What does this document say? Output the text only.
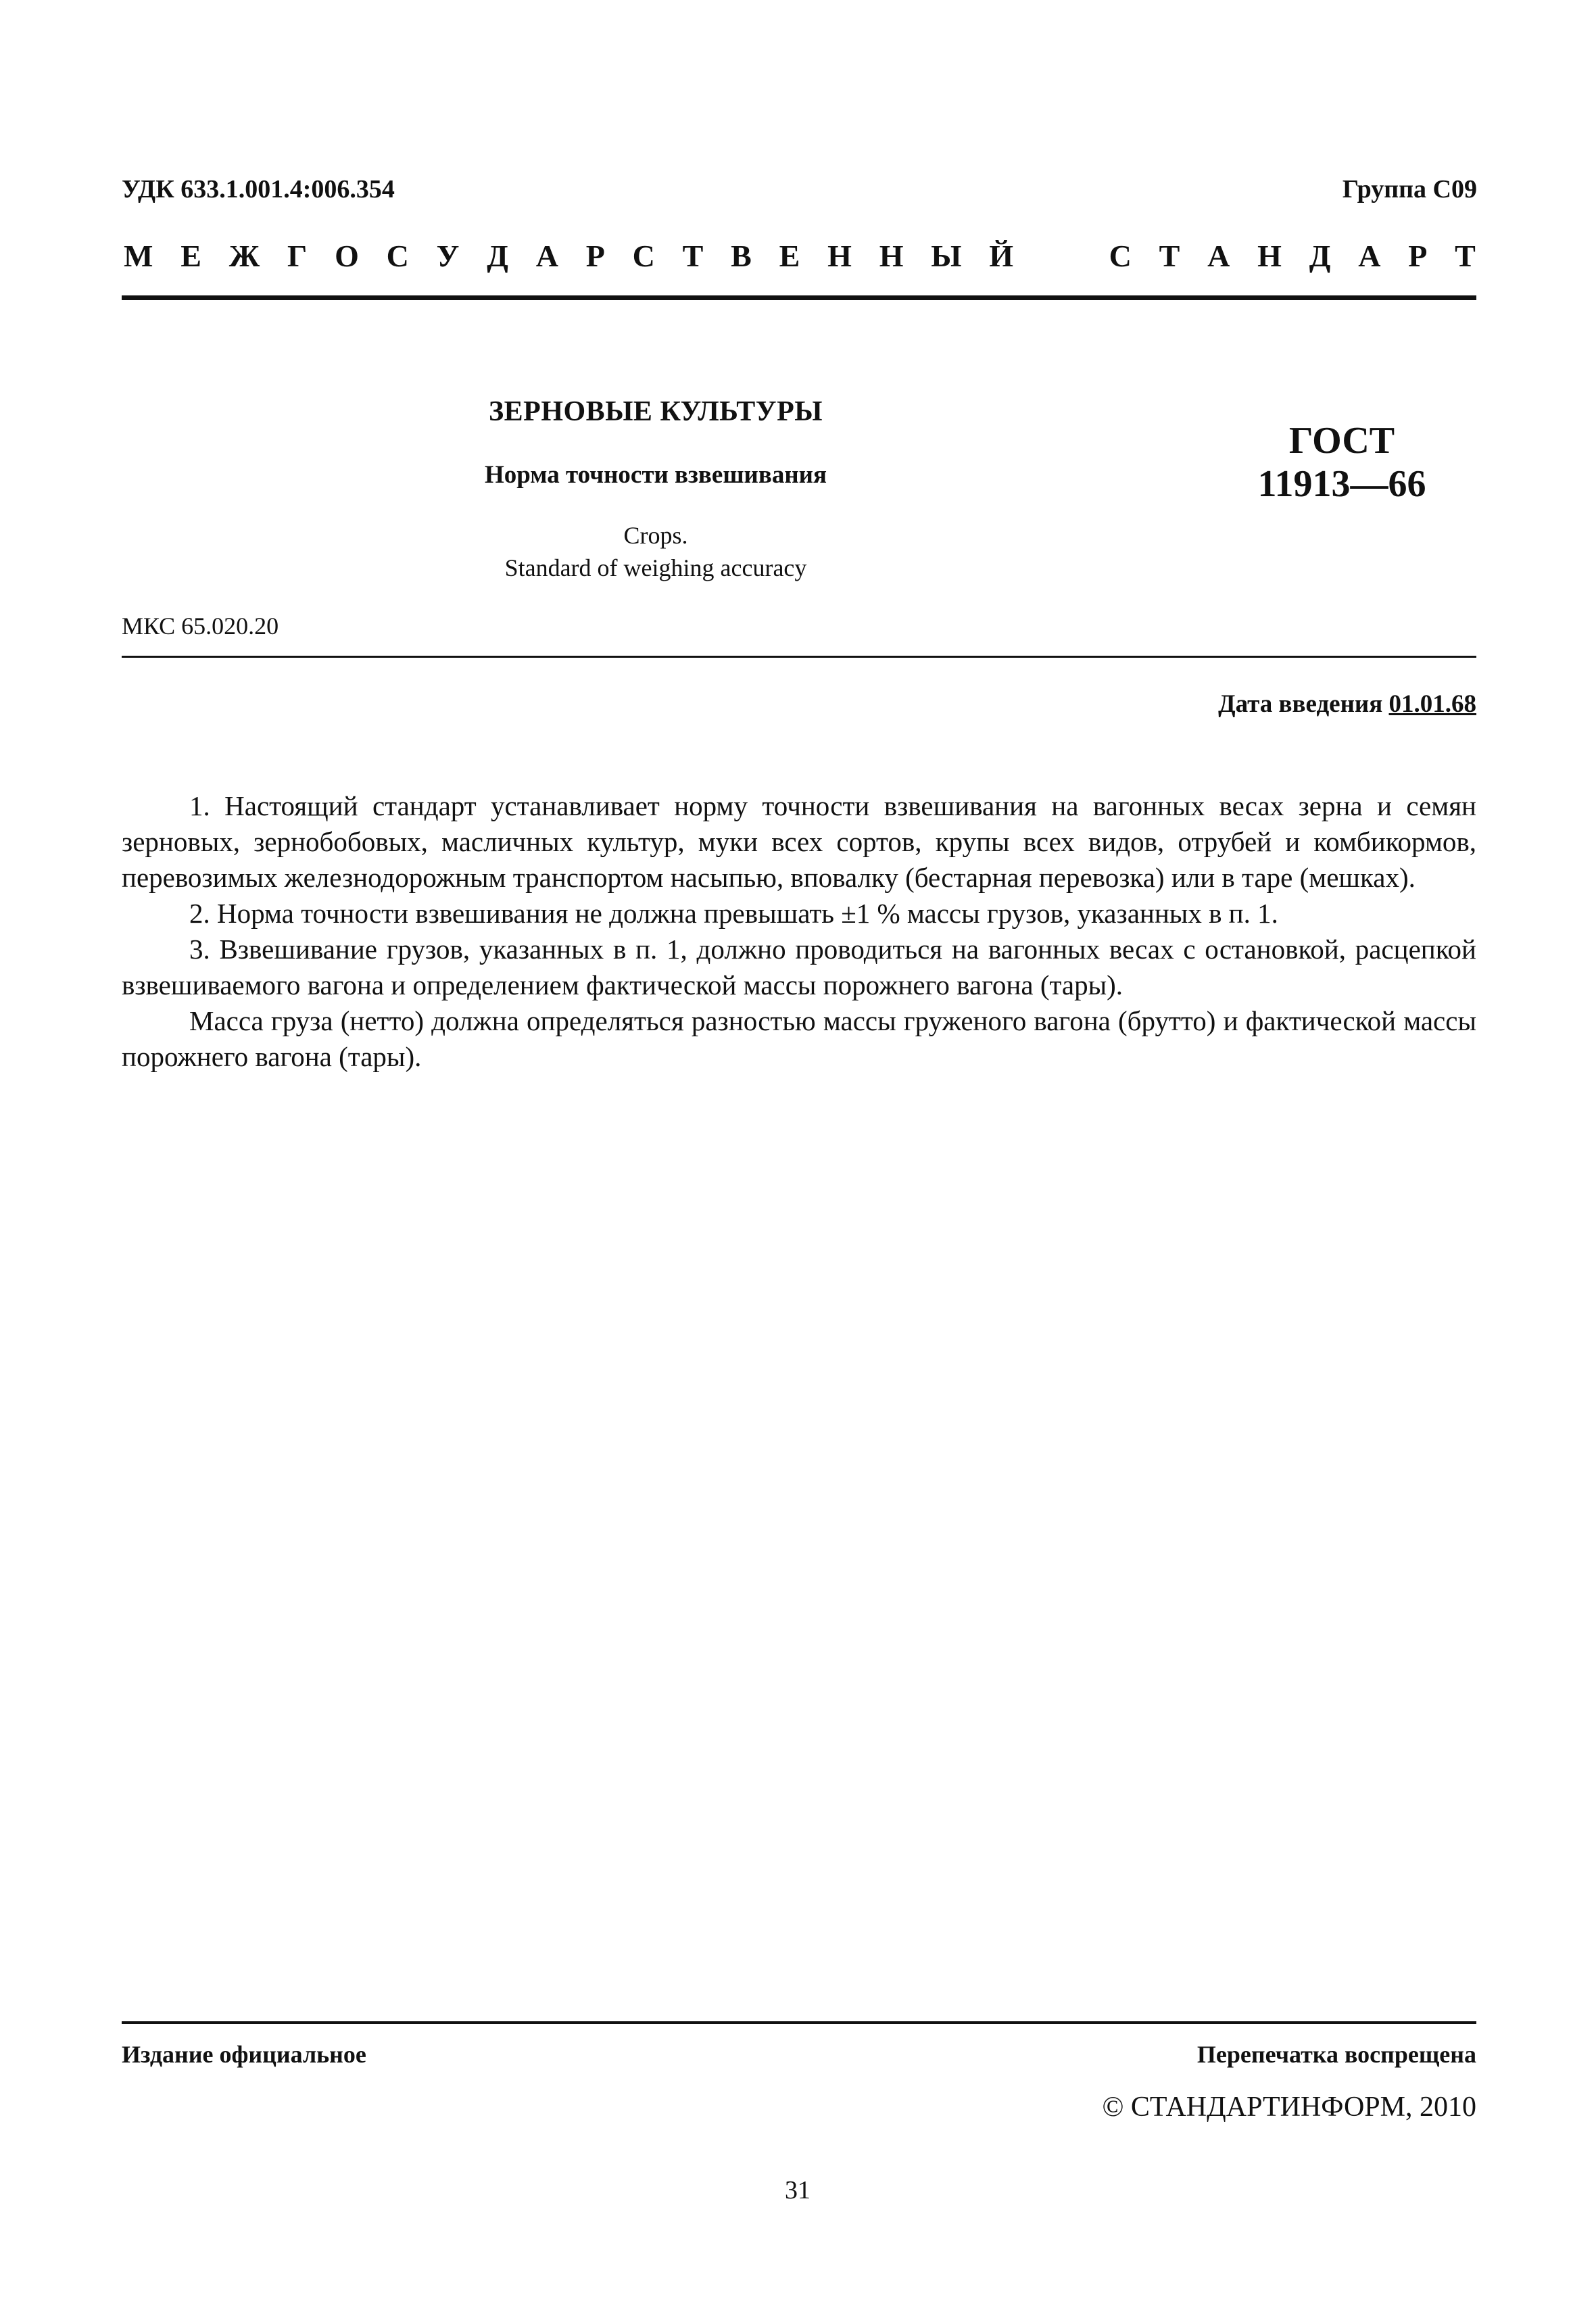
УДК 633.1.001.4:006.354	Группа С09
М Е Ж Г О С У Д А Р С Т В Е Н Н Ы Й	С Т А Н Д А Р Т
ЗЕРНОВЫЕ КУЛЬТУРЫ
Норма точности взвешивания
Crops.
Standard of weighing accuracy
ГОСТ
11913—66
МКС 65.020.20
Дата введения 01.01.68

1. Настоящий стандарт устанавливает норму точности взвешивания на вагонных весах зерна и семян зерновых, зернобобовых, масличных культур, муки всех сортов, крупы всех видов, отрубей и комбикормов, перевозимых железнодорожным транспортом насыпью, вповалку (бестарная перевозка) или в таре (мешках).

2. Норма точности взвешивания не должна превышать ±1 % массы грузов, указанных в п. 1.

3. Взвешивание грузов, указанных в п. 1, должно проводиться на вагонных весах с остановкой, расцепкой взвешиваемого вагона и определением фактической массы порожнего вагона (тары).

Масса груза (нетто) должна определяться разностью массы груженого вагона (брутто) и фактической массы порожнего вагона (тары).

Издание официальное	Перепечатка воспрещена
© СТАНДАРТИНФОРМ, 2010
31
